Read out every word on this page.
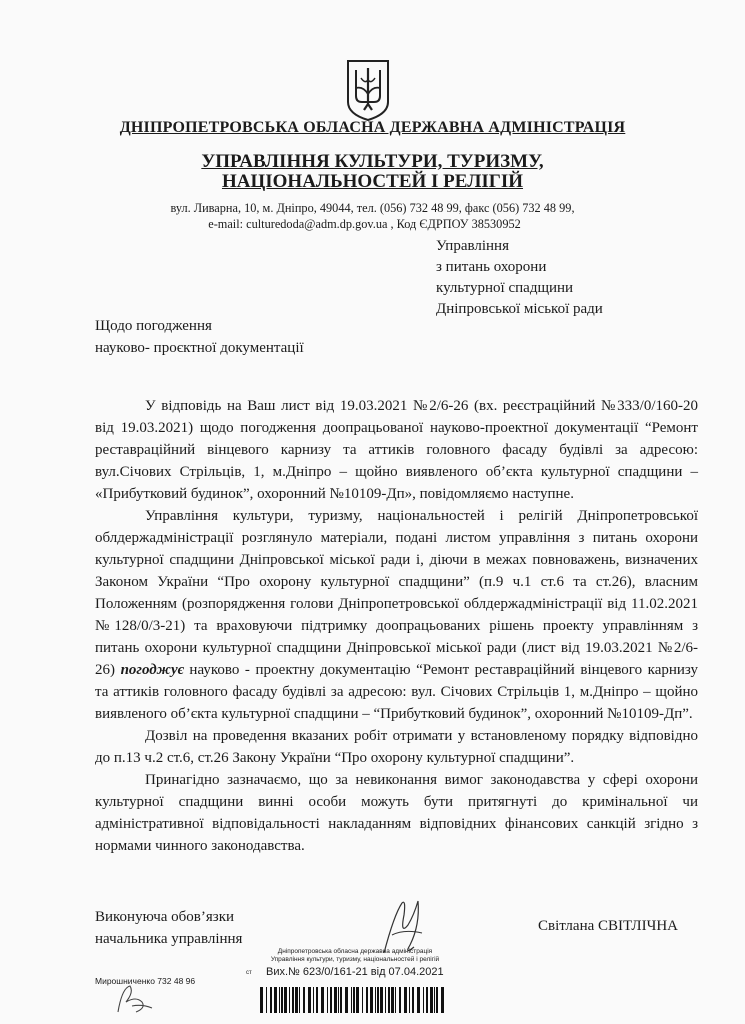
ДНІПРОПЕТРОВСЬКА ОБЛАСНА ДЕРЖАВНА АДМІНІСТРАЦІЯ
УПРАВЛІННЯ КУЛЬТУРИ, ТУРИЗМУ,
НАЦІОНАЛЬНОСТЕЙ І РЕЛІГІЙ
вул. Ливарна, 10, м. Дніпро, 49044, тел. (056) 732 48 99, факс (056) 732 48 99,
e-mail: culturedoda@adm.dp.gov.ua , Код ЄДРПОУ 38530952
Управління
з питань охорони
культурної спадщини
Дніпровської міської ради
Щодо погодження
науково- проєктної документації

У відповідь на Ваш лист від 19.03.2021 №2/6-26 (вх. реєстраційний №333/0/160-20 від 19.03.2021) щодо погодження доопрацьованої науково-проектної документації “Ремонт реставраційний вінцевого карнизу та аттиків головного фасаду будівлі за адресою: вул.Січових Стрільців, 1, м.Дніпро – щойно виявленого об’єкта культурної спадщини – «Прибутковий будинок”, охоронний №10109-Дп», повідомляємо наступне.

Управління культури, туризму, національностей і релігій Дніпропетровської облдержадміністрації розглянуло матеріали, подані листом управління з питань охорони культурної спадщини Дніпровської міської ради і, діючи в межах повноважень, визначених Законом України “Про охорону культурної спадщини” (п.9 ч.1 ст.6 та ст.26), власним Положенням (розпорядження голови Дніпропетровської облдержадміністрації від 11.02.2021 №128/0/3-21) та враховуючи підтримку доопрацьованих рішень проекту управлінням з питань охорони культурної спадщини Дніпровської міської ради (лист від 19.03.2021 №2/6-26) погоджує науково - проектну документацію “Ремонт реставраційний вінцевого карнизу та аттиків головного фасаду будівлі за адресою: вул. Січових Стрільців 1, м.Дніпро – щойно виявленого об’єкта культурної спадщини – “Прибутковий будинок”, охоронний №10109-Дп”.

Дозвіл на проведення вказаних робіт отримати у встановленому порядку відповідно до п.13 ч.2 ст.6, ст.26 Закону України “Про охорону культурної спадщини”.

Принагідно зазначаємо, що за невиконання вимог законодавства у сфері охорони культурної спадщини винні особи можуть бути притягнуті до кримінальної чи адміністративної відповідальності накладанням відповідних фінансових санкцій згідно з нормами чинного законодавства.

Виконуюча обов’язки
начальника управління
Світлана СВІТЛІЧНА
Дніпропетровська обласна державна адміністрація
Управління культури, туризму, національностей і релігій
Вих.№ 623/0/161-21 від 07.04.2021
ст
Мирошниченко 732 48 96
